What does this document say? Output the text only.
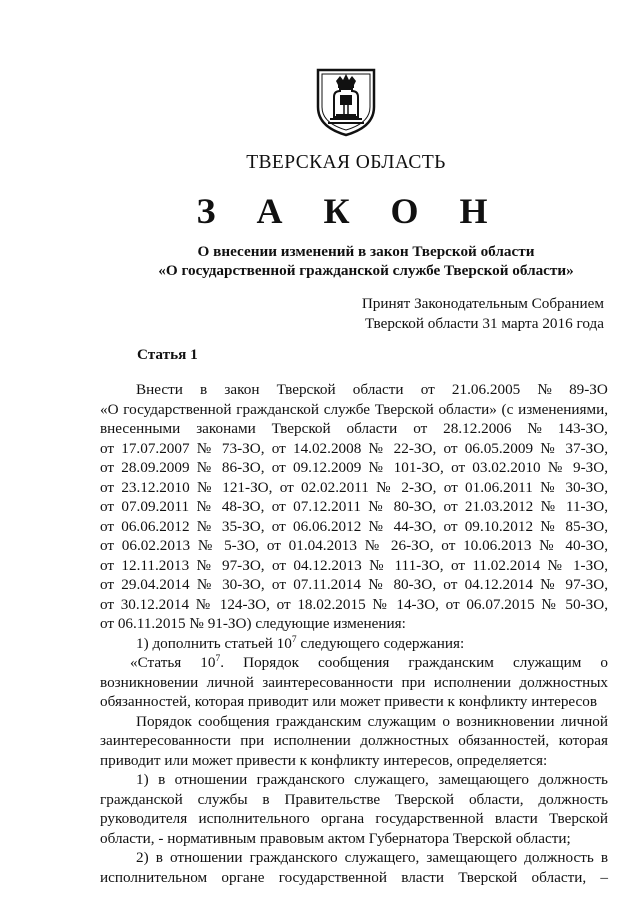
ТВЕРСКАЯ ОБЛАСТЬ
З А К О Н
О внесении изменений в закон Тверской области
«О государственной гражданской службе Тверской области»
Принят Законодательным Собранием
Тверской области 31 марта 2016 года
Статья 1
Внести в закон Тверской области от 21.06.2005 № 89-ЗО
«О государственной гражданской службе Тверской области» (с изменениями,
внесенными законами Тверской области от 28.12.2006 № 143-ЗО,
от 17.07.2007 № 73-ЗО, от 14.02.2008 № 22-ЗО, от 06.05.2009 № 37-ЗО,
от 28.09.2009 № 86-ЗО, от 09.12.2009 № 101-ЗО, от 03.02.2010 № 9-ЗО,
от 23.12.2010 № 121-ЗО, от 02.02.2011 № 2-ЗО, от 01.06.2011 № 30-ЗО,
от 07.09.2011 № 48-ЗО, от 07.12.2011 № 80-ЗО, от 21.03.2012 № 11-ЗО,
от 06.06.2012 № 35-ЗО, от 06.06.2012 № 44-ЗО, от 09.10.2012 № 85-ЗО,
от 06.02.2013 № 5-ЗО, от 01.04.2013 № 26-ЗО, от 10.06.2013 № 40-ЗО,
от 12.11.2013 № 97-ЗО, от 04.12.2013 № 111-ЗО, от 11.02.2014 № 1-ЗО,
от 29.04.2014 № 30-ЗО, от 07.11.2014 № 80-ЗО, от 04.12.2014 № 97-ЗО,
от 30.12.2014 № 124-ЗО, от 18.02.2015 № 14-ЗО, от 06.07.2015 № 50-ЗО,
от 06.11.2015 № 91-ЗО) следующие изменения:
1) дополнить статьей $10^7$ следующего содержания:
«Статья $10^7$. Порядок сообщения гражданским служащим о
возникновении личной заинтересованности при исполнении должностных
обязанностей, которая приводит или может привести к конфликту интересов
Порядок сообщения гражданским служащим о возникновении личной
заинтересованности при исполнении должностных обязанностей, которая
приводит или может привести к конфликту интересов, определяется:
1) в отношении гражданского служащего, замещающего должность
гражданской службы в Правительстве Тверской области, должность
руководителя исполнительного органа государственной власти Тверской
области, - нормативным правовым актом Губернатора Тверской области;
2) в отношении гражданского служащего, замещающего должность в
исполнительном органе государственной власти Тверской области, –
